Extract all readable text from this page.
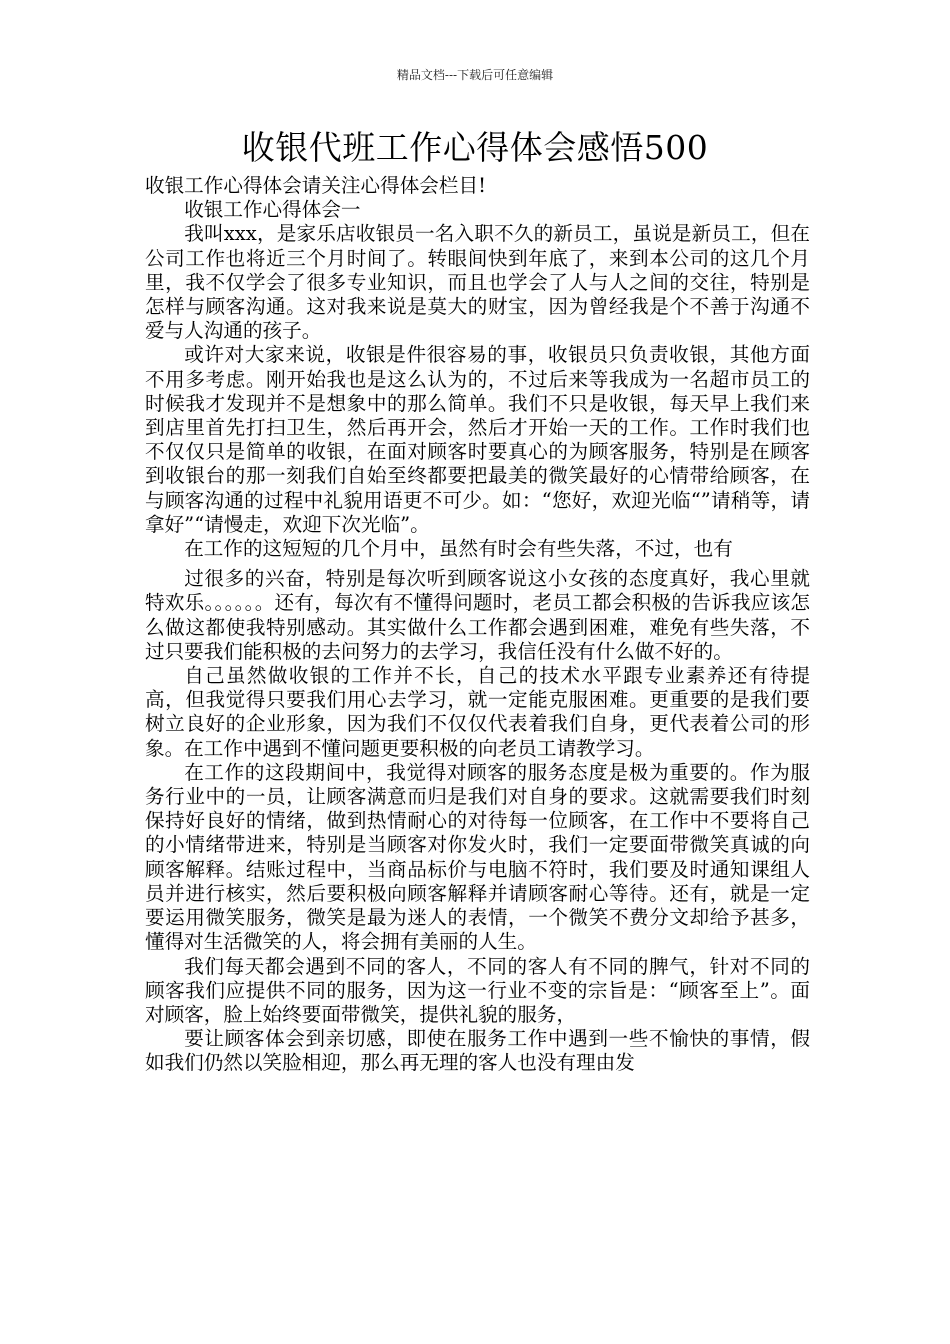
精品文档---下载后可任意编辑
收银代班工作心得体会感悟500

收银工作心得体会请关注心得体会栏目!

收银工作心得体会一

我叫xxx，是家乐店收银员一名入职不久的新员工，虽说是新员工，但在公司工作也将近三个月时间了。转眼间快到年底了，来到本公司的这几个月里，我不仅学会了很多专业知识，而且也学会了人与人之间的交往，特别是怎样与顾客沟通。这对我来说是莫大的财宝，因为曾经我是个不善于沟通不爱与人沟通的孩子。

或许对大家来说，收银是件很容易的事，收银员只负责收银，其他方面不用多考虑。刚开始我也是这么认为的，不过后来等我成为一名超市员工的时候我才发现并不是想象中的那么简单。我们不只是收银，每天早上我们来到店里首先打扫卫生，然后再开会，然后才开始一天的工作。工作时我们也不仅仅只是简单的收银，在面对顾客时要真心的为顾客服务，特别是在顾客到收银台的那一刻我们自始至终都要把最美的微笑最好的心情带给顾客，在与顾客沟通的过程中礼貌用语更不可少。如：“您好，欢迎光临“”请稍等，请拿好”“请慢走，欢迎下次光临”。

在工作的这短短的几个月中，虽然有时会有些失落，不过，也有

过很多的兴奋，特别是每次听到顾客说这小女孩的态度真好，我心里就特欢乐。。。。。。还有，每次有不懂得问题时，老员工都会积极的告诉我应该怎么做这都使我特别感动。其实做什么工作都会遇到困难，难免有些失落，不过只要我们能积极的去问努力的去学习，我信任没有什么做不好的。

自己虽然做收银的工作并不长，自己的技术水平跟专业素养还有待提高，但我觉得只要我们用心去学习，就一定能克服困难。更重要的是我们要树立良好的企业形象，因为我们不仅仅代表着我们自身，更代表着公司的形象。在工作中遇到不懂问题更要积极的向老员工请教学习。

在工作的这段期间中，我觉得对顾客的服务态度是极为重要的。作为服务行业中的一员，让顾客满意而归是我们对自身的要求。这就需要我们时刻保持好良好的情绪，做到热情耐心的对待每一位顾客，在工作中不要将自己的小情绪带进来，特别是当顾客对你发火时，我们一定要面带微笑真诚的向顾客解释。结账过程中，当商品标价与电脑不符时，我们要及时通知课组人员并进行核实，然后要积极向顾客解释并请顾客耐心等待。还有，就是一定要运用微笑服务，微笑是最为迷人的表情，一个微笑不费分文却给予甚多，懂得对生活微笑的人，将会拥有美丽的人生。

我们每天都会遇到不同的客人，不同的客人有不同的脾气，针对不同的顾客我们应提供不同的服务，因为这一行业不变的宗旨是：“顾客至上”。面对顾客，脸上始终要面带微笑，提供礼貌的服务，

要让顾客体会到亲切感，即使在服务工作中遇到一些不愉快的事情，假如我们仍然以笑脸相迎，那么再无理的客人也没有理由发
